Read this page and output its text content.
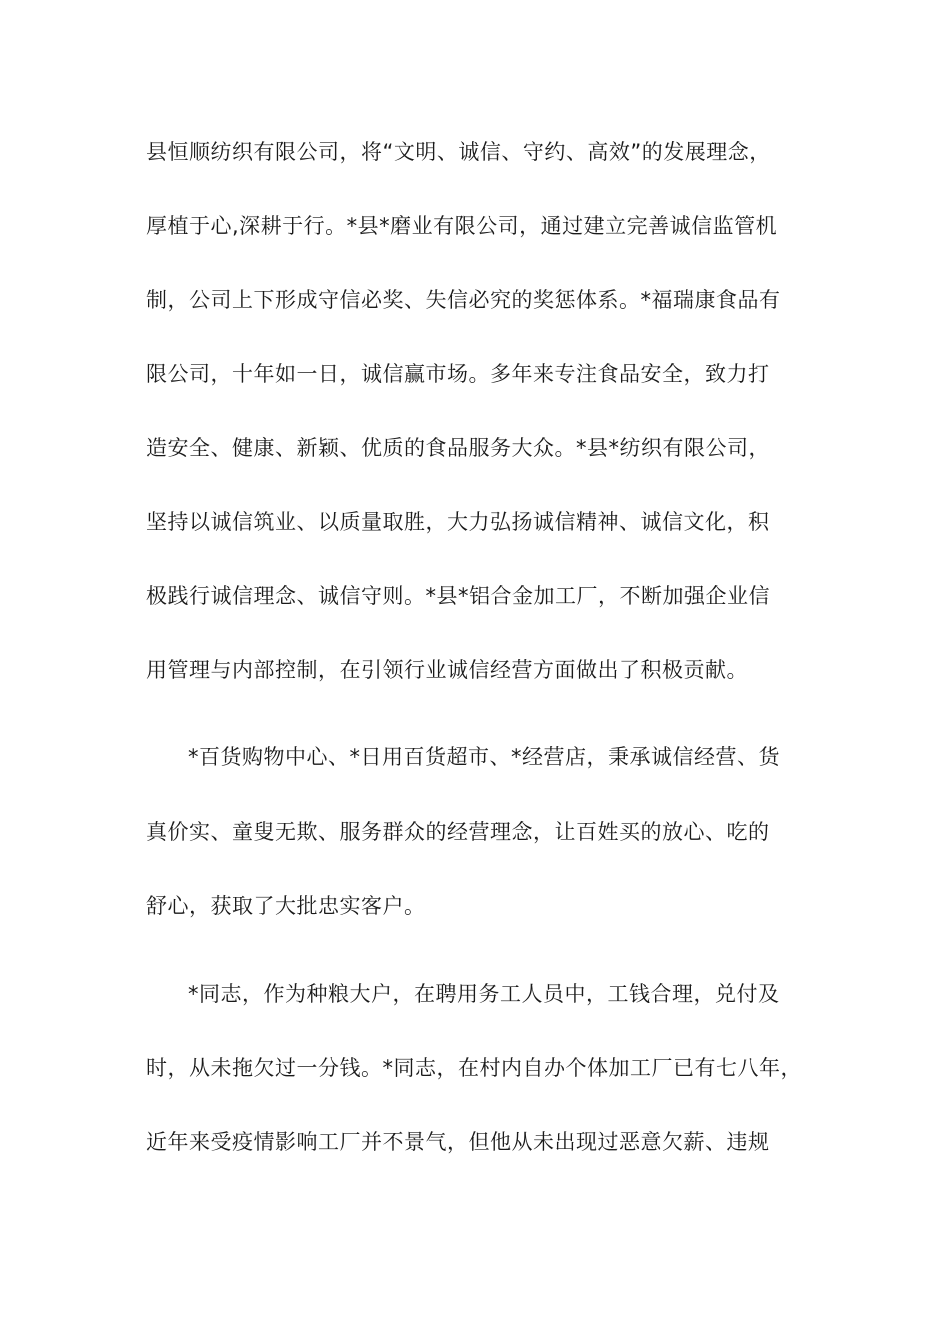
县恒顺纺织有限公司，将“文明、诚信、守约、高效”的发展理念，
厚植于心,深耕于行。*县*磨业有限公司，通过建立完善诚信监管机
制，公司上下形成守信必奖、失信必究的奖惩体系。*福瑞康食品有
限公司，十年如一日，诚信赢市场。多年来专注食品安全，致力打
造安全、健康、新颖、优质的食品服务大众。*县*纺织有限公司，
坚持以诚信筑业、以质量取胜，大力弘扬诚信精神、诚信文化，积
极践行诚信理念、诚信守则。*县*铝合金加工厂，不断加强企业信
用管理与内部控制，在引领行业诚信经营方面做出了积极贡献。
*百货购物中心、*日用百货超市、*经营店，秉承诚信经营、货
真价实、童叟无欺、服务群众的经营理念，让百姓买的放心、吃的
舒心，获取了大批忠实客户。
*同志，作为种粮大户，在聘用务工人员中，工钱合理，兑付及
时，从未拖欠过一分钱。*同志，在村内自办个体加工厂已有七八年，
近年来受疫情影响工厂并不景气，但他从未出现过恶意欠薪、违规
